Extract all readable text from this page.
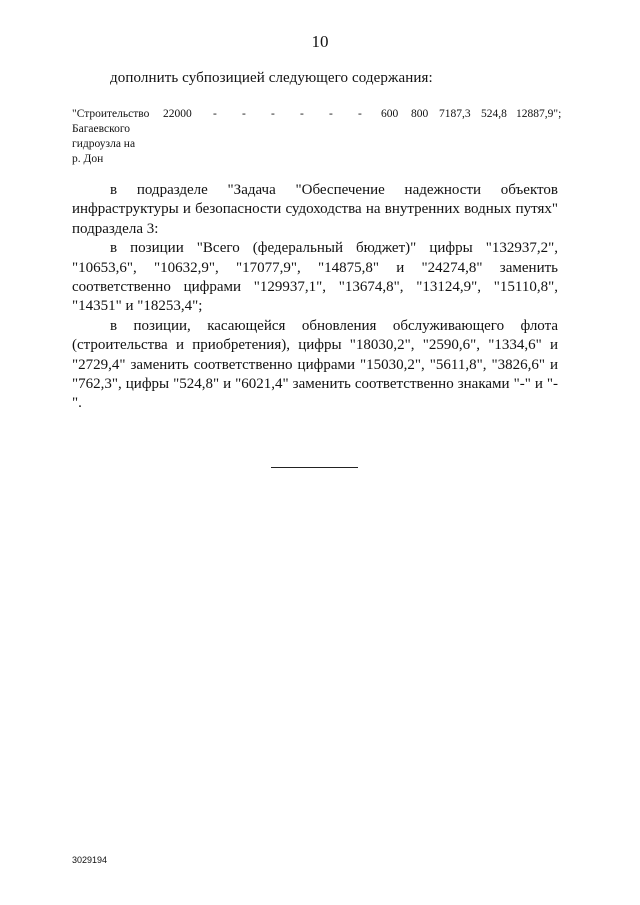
10
дополнить субпозицией следующего содержания:
"Строительство
Багаевского
гидроузла на
р. Дон
22000 - - - - - - 600 800 7187,3 524,8 12887,9";

в подразделе "Задача "Обеспечение надежности объектов инфраструктуры и безопасности судоходства на внутренних водных путях" подраздела 3:

в позиции "Всего (федеральный бюджет)" цифры "132937,2", "10653,6", "10632,9", "17077,9", "14875,8" и "24274,8" заменить соответственно цифрами "129937,1", "13674,8", "13124,9", "15110,8", "14351" и "18253,4";

в позиции, касающейся обновления обслуживающего флота (строительства и приобретения), цифры "18030,2", "2590,6", "1334,6" и "2729,4" заменить соответственно цифрами "15030,2", "5611,8", "3826,6" и "762,3", цифры "524,8" и "6021,4" заменить соответственно знаками "-" и "-".

3029194
